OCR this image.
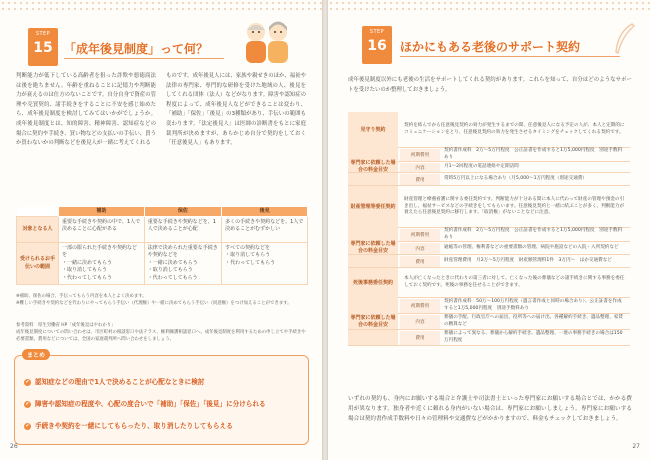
STEP
15 「成年後見制度」って何？
判断能力が低下している高齢者を狙った詐欺や悪徳商法は後を絶ちません。年齢を重ねることに記憶力や判断能力が衰えるのは仕方のないことです。自分自身で資産の管理や売買契約、諸手続きをすることに不安を感じ始めたら、成年後見制度を検討してみてはいかがでしょうか。成年後見制度とは、知的障害、精神障害、認知症などの場合に契約や手続き、買い物などの支払いの手伝い、買うか買わないかの判断などを後見人が一緒に考えてくれる
ものです。成年後見人には、家族や親せきのほか、福祉や法律の専門家、専門的な研修を受けた地域の人、後見をしてくれる団体（法人）などがなります。障害や認知症の程度によって、成年後見人などができることは変わり、「補助」「保佐」「後見」の3種類があり、手伝いの範囲も変わります。「法定後見人」は医師の診断書をもとに家庭裁判所が決めますが、あらかじめ自分で契約をしておく「任意後見人」もあります。
	補助	保佐	後見
対象となる人	重要な手続きや契約の中で、1人で決めることに心配がある	重要な手続きや契約などを、1人で決めることが心配	多くの手続きや契約などを、1人で決めることがむずかしい
受けられるお手伝いの範囲	一部の限られた手続きや契約などを
・一緒に決めてもらう
・取り消してもらう
・代わってしてもらう	法律で決められた重要な手続きや契約などを
・一緒に決めてもらう
・取り消してもらう
・代わってしてもらう	すべての契約などを
・取り消してもらう
・代わってしてもらう
※補助、保佐の場合、手伝ってもらう内容を本人とよく決めます。
※難しい手続きや契約などを代わりにやってもらう手伝い（代理権）や一緒に決めてもらう手伝い（同意権）をつけ加えることができます。
参考資料　厚生労働省 HP「成年後見はやわかり」
成年後見制度についての問い合わせは、市区町村の相談窓口や法テラス、権利擁護相談窓口へ。成年後見制度を利用するための申し立てや手続きや必要書類、費用などについては、全国の家庭裁判所へ問い合わせをしましょう。
✔ 認知症などの理由で1人で決めることが心配なときに検討
✔ 障害や認知症の程度や、心配の度合いで「補助」「保佐」「後見」に分けられる
✔ 手続きや契約を一緒にしてもらったり、取り消したりしてもらえる
まとめ
26
STEP
16	ほかにもある老後のサポート契約
成年後見制度以外にも老後の生活をサポートしてくれる契約があります。これらを知って、自分はどのようなサポートを受けたいのか整理しておきましょう。
見守り契約
契約を結んでから任意後見契約の効力が発生するまでの間、任意後見人になる予定の人が、本人と定期的にコミュニケーションをとり、任意後見契約の効力を発生させるタイミングをチェックしてくれる契約です。
専門家に依頼した場合の料金目安
初期費用
契約書作成料　2万〜5万円程度　公正証書を作成すると1万5,000円程度　別途手数料あり
内容	月1〜2回程度の電話連絡や定期訪問
費用	常時5万円以上になる場合あり（月5,000〜1万円程度（別途交通費）
財産管理等委任契約
財産管理と療養看護に関する委任契約です。判断能力が十分ある間に本人に代わって財産の管理や預金の引き出し、福祉サービスなどの手続きをしてもらいます。任意後見契約と一緒に結ぶことが多く、判断能力が衰えたら任意後見契約に移行します。「取消権」がないことなどに注意。
専門家に依頼した場合の料金目安
初期費用
契約書作成料　2万〜5万円程度　公正証書を作成すると1万5,000円程度　別途手数料あり
内容	通帳等の管理、権利書などの重要書類の管理、病院や施設などの入院・入所契約など
費用	財産管理費用　月2万〜5万円程度　財産額管理料1件　3万円〜　ほか交通費など
死後事務委任契約
本人が亡くなったときに代わりの第三者に対して、亡くなった後の葬儀などの諸手続きに関する事務を委任しておく契約です。死後の事務を任せることができます。
専門家に依頼した場合の料金目安
初期費用
契約書作成料　50万〜100万円程度（遺言書作成と同時の場合あり）、公正証書を作成すると1万5,000円程度　別途手数料あり
内容
葬儀の手配、行政官庁への届出、役所等への届け出、各種解約手続き、遺品整理、家賃の精算など
費用
葬儀によって異なる、葬儀から解約手続き、遺品整理、一連の事務手続きの場合は150万円程度
いずれの契約も、身内にお願いする場合と弁護士や司法書士といった専門家にお願いする場合とでは、かかる費用が異なります。独身者や近くに頼れる身内がいない場合は、専門家にお願いしましょう。専門家にお願いする場合は契約書作成手数料や日々の管理料や交通費などがかかりますので、料金もチェックしておきましょう。
27
